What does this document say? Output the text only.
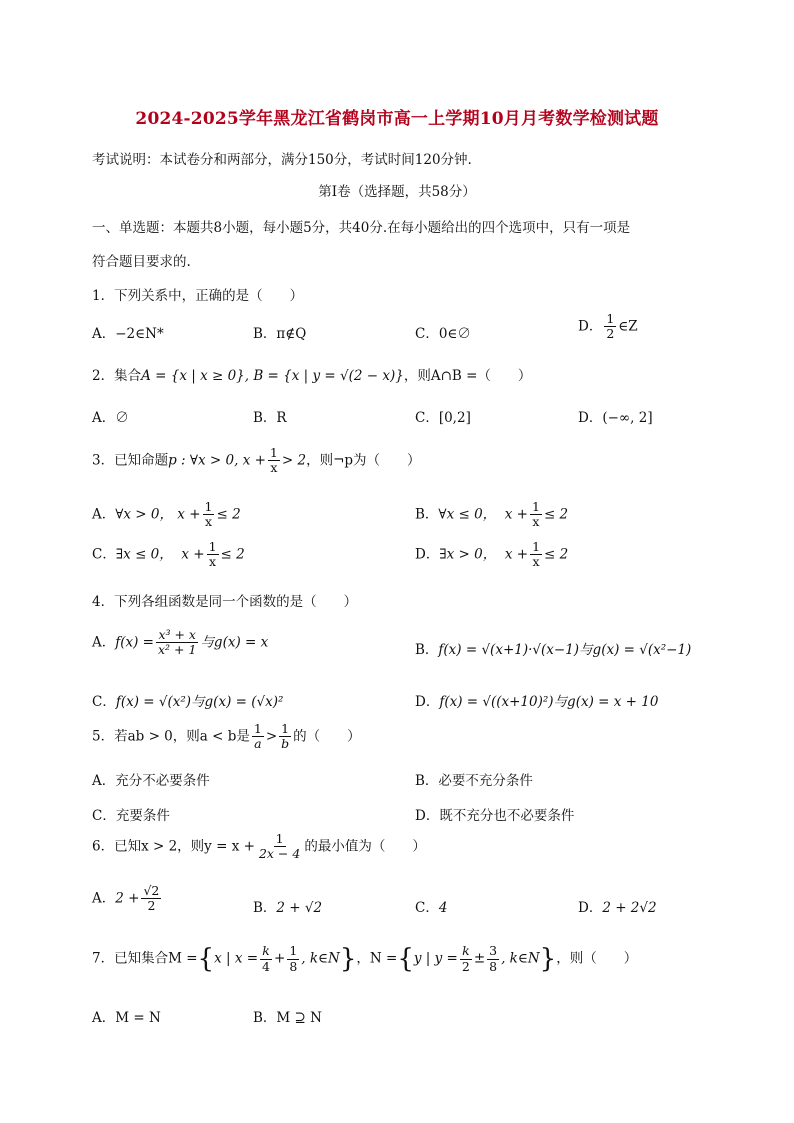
2024-2025学年黑龙江省鹤岗市高一上学期10月月考数学检测试题
考试说明：本试卷分和两部分，满分150分，考试时间120分钟.
第Ⅰ卷（选择题，共58分）
一、单选题：本题共8小题，每小题5分，共40分.在每小题给出的四个选项中，只有一项是
符合题目要求的.
1．下列关系中，正确的是（　　）
A．−2∈N*	B．π∉Q	C．0∈∅	D． $\frac{1}{2}$ ∈Z
2．集合A = {x | x ≥ 0}, B = {x | y = √(2 − x)}，则A∩B =（　　）
A．∅	B．R	C．[0,2]	D．(−∞, 2]
3．已知命题p : ∀x > 0, $x + \frac{1}{x} > 2$，则¬p为（　　）
A．∀x > 0， $x + \frac{1}{x} \le 2$	B．∀x ≤ 0， $x + \frac{1}{x} \le 2$
C．∃x ≤ 0， $x + \frac{1}{x} \le 2$	D．∃x > 0， $x + \frac{1}{x} \le 2$
4．下列各组函数是同一个函数的是（　　）
A．$f(x) = \frac{\text{x³ + x}}{\text{x² + 1}}$ 与g(x) = x	B．f(x) = √(x+1)·√(x−1)与g(x) = √(x²−1)
C．f(x) = √(x²)与g(x) = (√x)²	D．f(x) = √((x+10)²)与g(x) = x + 10
5．若ab > 0，则a < b是 $\frac{1}{a} > \frac{1}{b}$ 的（　　）
A．充分不必要条件	B．必要不充分条件
C．充要条件	D．既不充分也不必要条件
6．已知x > 2，则$y = x + \frac{1}{2x - 4}$ 的最小值为（　　）
A．$2 + \frac{√2}{2}$	B．2 + √2	C．4	D．2 + 2√2
7．已知集合M ={x | $x = \frac{k}{4} + \frac{1}{8}$ , k∈N}，N ={y | $y = \frac{k}{2} \pm \frac{3}{8}$ , k∈N}，则（　　）
A．M = N	B．M ⊇ N
